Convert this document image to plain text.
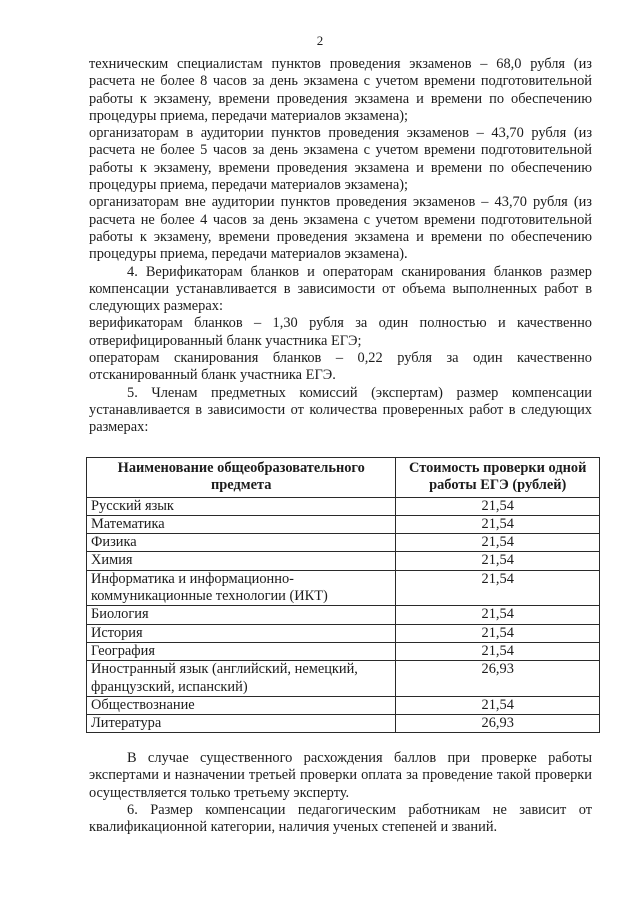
2

техническим специалистам пунктов проведения экзаменов – 68,0 рубля (из расчета не более 8 часов за день экзамена с учетом времени подготовительной работы к экзамену, времени проведения экзамена и времени по обеспечению процедуры приема, передачи материалов экзамена);

организаторам в аудитории пунктов проведения экзаменов – 43,70 рубля (из расчета не более 5 часов за день экзамена с учетом времени подготовительной работы к экзамену, времени проведения экзамена и времени по обеспечению процедуры приема, передачи материалов экзамена);

организаторам вне аудитории пунктов проведения экзаменов – 43,70 рубля (из расчета не более 4 часов за день экзамена с учетом времени подготовительной работы к экзамену, времени проведения экзамена и времени по обеспечению процедуры приема, передачи материалов экзамена).

4. Верификаторам бланков и операторам сканирования бланков размер компенсации устанавливается в зависимости от объема выполненных работ в следующих размерах:

верификаторам бланков – 1,30 рубля за один полностью и качественно отверифицированный бланк участника ЕГЭ;

операторам сканирования бланков – 0,22 рубля за один качественно отсканированный бланк участника ЕГЭ.

5. Членам предметных комиссий (экспертам) размер компенсации устанавливается в зависимости от количества проверенных работ в следующих размерах:

Наименование общеобразовательного предмета	Стоимость проверки одной работы ЕГЭ (рублей)
Русский язык	21,54
Математика	21,54
Физика	21,54
Химия	21,54
Информатика и информационно-коммуникационные технологии (ИКТ)	21,54
Биология	21,54
История	21,54
География	21,54
Иностранный язык (английский, немецкий, французский, испанский)	26,93
Обществознание	21,54
Литература	26,93

В случае существенного расхождения баллов при проверке работы экспертами и назначении третьей проверки оплата за проведение такой проверки осуществляется только третьему эксперту.

6. Размер компенсации педагогическим работникам не зависит от квалификационной категории, наличия ученых степеней и званий.
